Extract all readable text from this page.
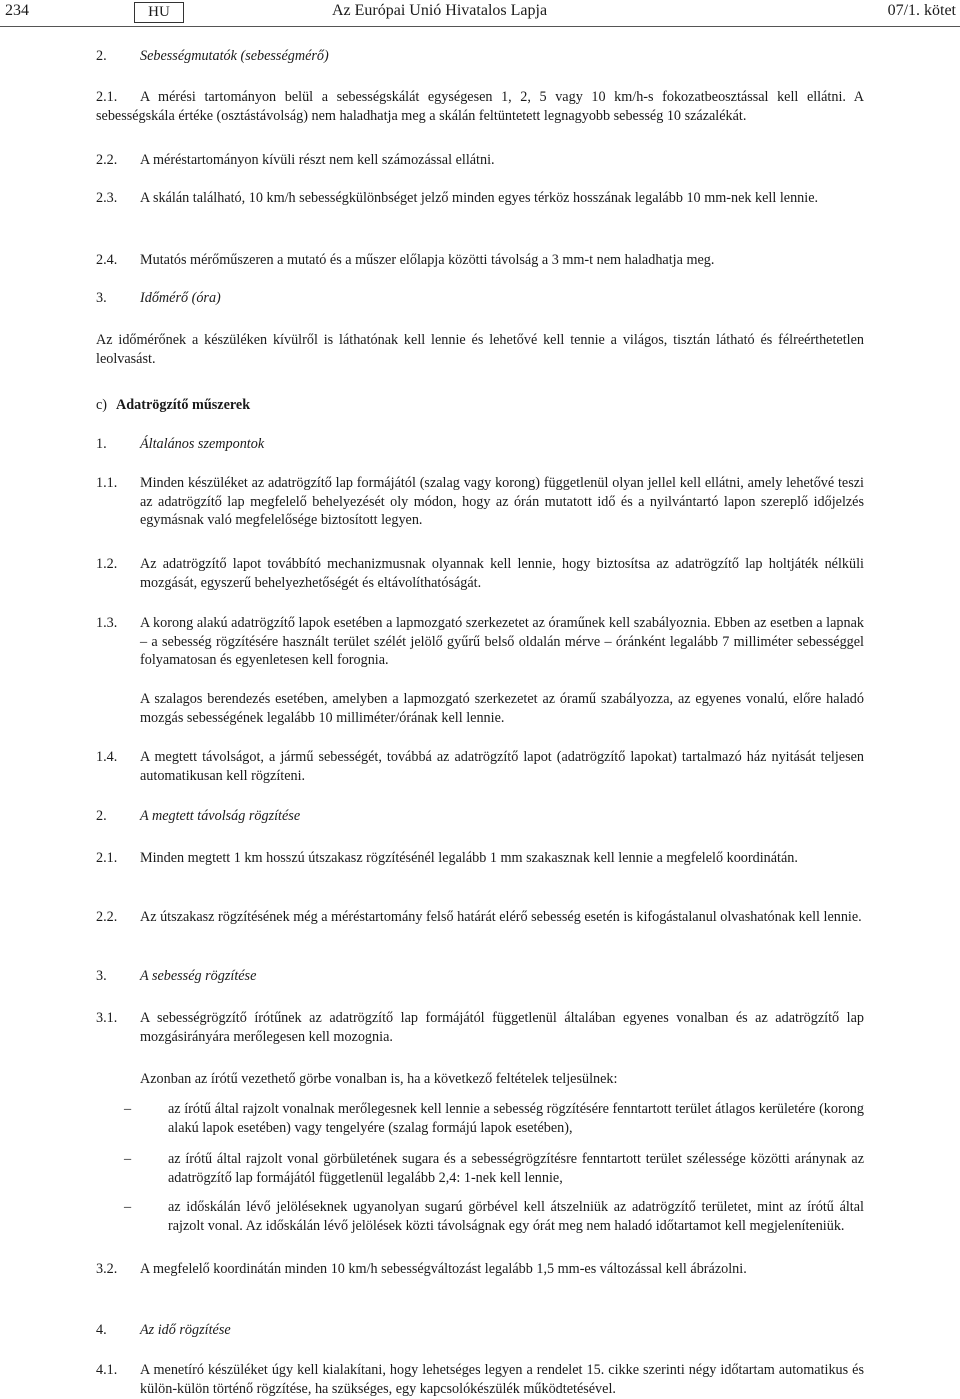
234	HU	Az Európai Unió Hivatalos Lapja	07/1. kötet
2. Sebességmutatók (sebességmérő)
2.1.	A mérési tartományon belül a sebességskálát egységesen 1, 2, 5 vagy 10 km/h-s fokozatbeosztással kell ellátni. A sebességskála értéke (osztástávolság) nem haladhatja meg a skálán feltüntetett legnagyobb sebesség 10 százalékát.
2.2. A méréstartományon kívüli részt nem kell számozással ellátni.
2.3. A skálán található, 10 km/h sebességkülönbséget jelző minden egyes térköz hosszának legalább 10 mm-nek kell lennie.
2.4. Mutatós mérőműszeren a mutató és a műszer előlapja közötti távolság a 3 mm-t nem haladhatja meg.
3. Időmérő (óra)
Az időmérőnek a készüléken kívülről is láthatónak kell lennie és lehetővé kell tennie a világos, tisztán látható és félreérthetetlen leolvasást.
c) Adatrögzítő műszerek
1. Általános szempontok
1.1. Minden készüléket az adatrögzítő lap formájától (szalag vagy korong) függetlenül olyan jellel kell ellátni, amely lehetővé teszi az adatrögzítő lap megfelelő behelyezését oly módon, hogy az órán mutatott idő és a nyilvántartó lapon szereplő időjelzés egymásnak való megfelelősége biztosított legyen.
1.2. Az adatrögzítő lapot továbbító mechanizmusnak olyannak kell lennie, hogy biztosítsa az adatrögzítő lap holtjáték nélküli mozgását, egyszerű behelyezhetőségét és eltávolíthatóságát.
1.3. A korong alakú adatrögzítő lapok esetében a lapmozgató szerkezetet az óraműnek kell szabályoznia. Ebben az esetben a lapnak – a sebesség rögzítésére használt terület szélét jelölő gyűrű belső oldalán mérve – óránként legalább 7 milliméter sebességgel folyamatosan és egyenletesen kell forognia.
A szalagos berendezés esetében, amelyben a lapmozgató szerkezetet az óramű szabályozza, az egyenes vonalú, előre haladó mozgás sebességének legalább 10 milliméter/órának kell lennie.
1.4. A megtett távolságot, a jármű sebességét, továbbá az adatrögzítő lapot (adatrögzítő lapokat) tartalmazó ház nyitását teljesen automatikusan kell rögzíteni.
2. A megtett távolság rögzítése
2.1. Minden megtett 1 km hosszú útszakasz rögzítésénél legalább 1 mm szakasznak kell lennie a megfelelő koordinátán.
2.2. Az útszakasz rögzítésének még a méréstartomány felső határát elérő sebesség esetén is kifogástalanul olvashatónak kell lennie.
3. A sebesség rögzítése
3.1. A sebességrögzítő írótűnek az adatrögzítő lap formájától függetlenül általában egyenes vonalban és az adatrögzítő lap mozgásirányára merőlegesen kell mozognia.
Azonban az írótű vezethető görbe vonalban is, ha a következő feltételek teljesülnek:
–	az írótű által rajzolt vonalnak merőlegesnek kell lennie a sebesség rögzítésére fenntartott terület átlagos kerületére (korong alakú lapok esetében) vagy tengelyére (szalag formájú lapok esetében),
–	az írótű által rajzolt vonal görbületének sugara és a sebességrögzítésre fenntartott terület szélessége közötti aránynak az adatrögzítő lap formájától függetlenül legalább 2,4: 1-nek kell lennie,
–	az időskálán lévő jelöléseknek ugyanolyan sugarú görbével kell átszelniük az adatrögzítő területet, mint az írótű által rajzolt vonal. Az időskálán lévő jelölések közti távolságnak egy órát meg nem haladó időtartamot kell megjeleníteniük.
3.2. A megfelelő koordinátán minden 10 km/h sebességváltozást legalább 1,5 mm-es változással kell ábrázolni.
4. Az idő rögzítése
4.1. A menetíró készüléket úgy kell kialakítani, hogy lehetséges legyen a rendelet 15. cikke szerinti négy időtartam automatikus és külön-külön történő rögzítése, ha szükséges, egy kapcsolókészülék működtetésével.
